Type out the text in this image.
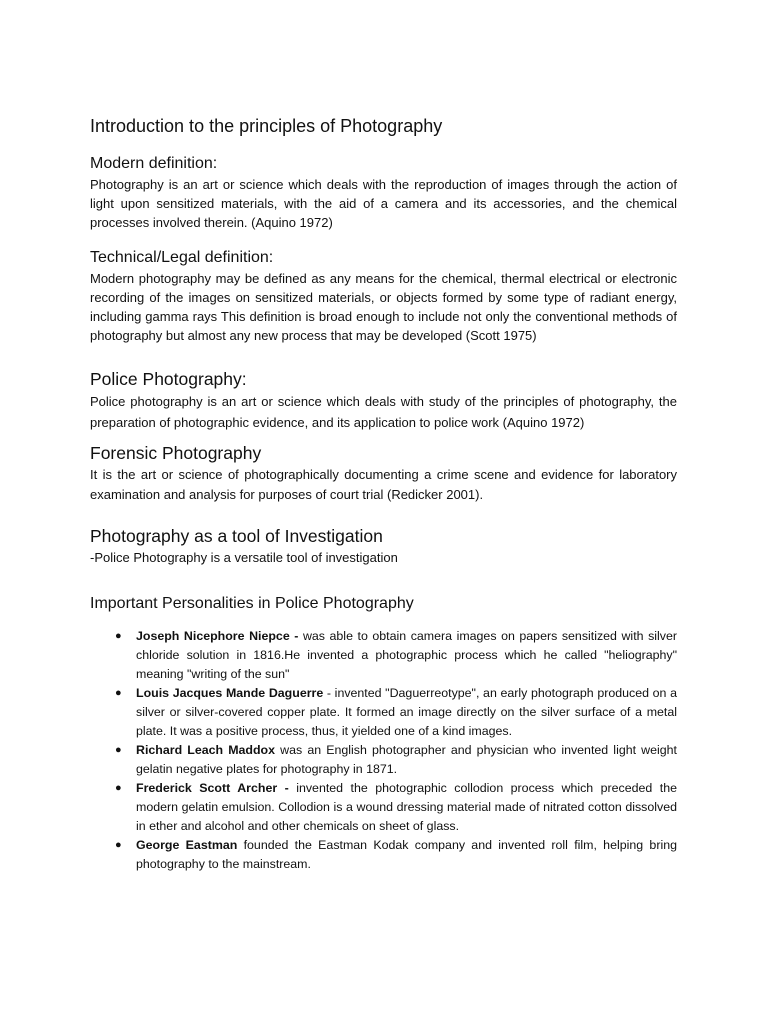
Introduction to the principles of Photography
Modern definition:

Photography is an art or science which deals with the reproduction of images through the action of light upon sensitized materials, with the aid of a camera and its accessories, and the chemical processes involved therein. (Aquino 1972)

Technical/Legal definition:

Modern photography may be defined as any means for the chemical, thermal electrical or electronic recording of the images on sensitized materials, or objects formed by some type of radiant energy, including gamma rays This definition is broad enough to include not only the conventional methods of photography but almost any new process that may be developed (Scott 1975)

Police Photography:

Police photography is an art or science which deals with study of the principles of photography, the preparation of photographic evidence, and its application to police work (Aquino 1972)

Forensic Photography

It is the art or science of photographically documenting a crime scene and evidence for laboratory examination and analysis for purposes of court trial (Redicker 2001).

Photography as a tool of Investigation

-Police Photography is a versatile tool of investigation

Important Personalities in Police Photography
● Joseph Nicephore Niepce - was able to obtain camera images on papers sensitized with silver chloride solution in 1816.He invented a photographic process which he called "heliography" meaning "writing of the sun"
● Louis Jacques Mande Daguerre - invented "Daguerreotype", an early photograph produced on a silver or silver-covered copper plate. It formed an image directly on the silver surface of a metal plate. It was a positive process, thus, it yielded one of a kind images.
● Richard Leach Maddox was an English photographer and physician who invented light weight gelatin negative plates for photography in 1871.
● Frederick Scott Archer - invented the photographic collodion process which preceded the modern gelatin emulsion. Collodion is a wound dressing material made of nitrated cotton dissolved in ether and alcohol and other chemicals on sheet of glass.
● George Eastman founded the Eastman Kodak company and invented roll film, helping bring photography to the mainstream.
